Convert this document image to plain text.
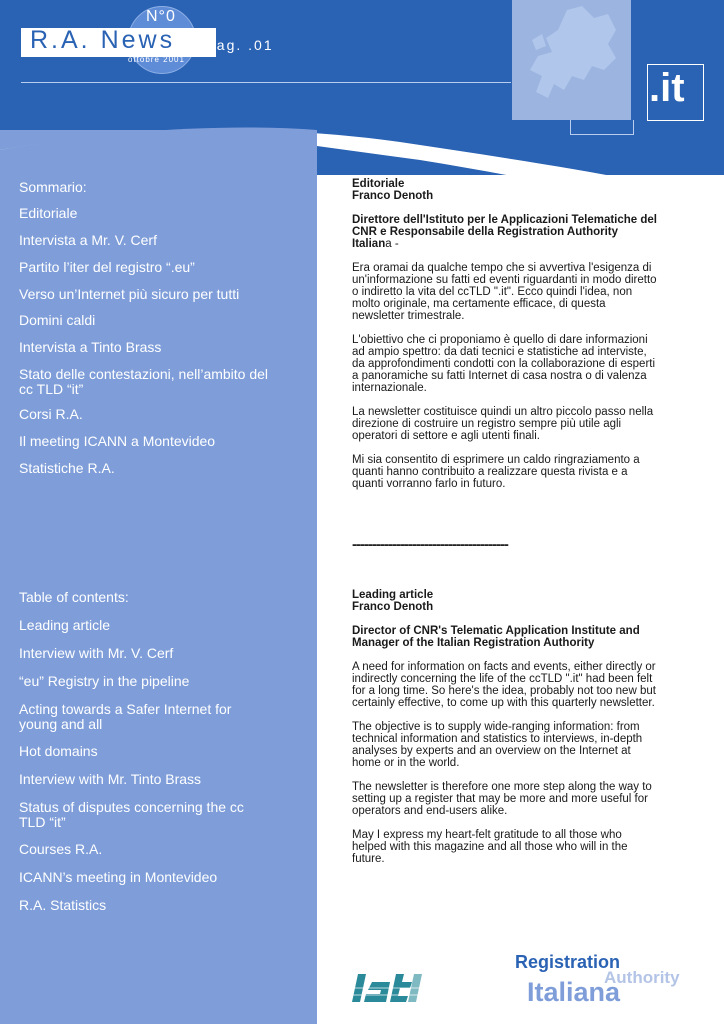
N°0
R.A. News pag. .01
ottobre 2001
.it
Sommario:
Editoriale
Intervista a Mr. V. Cerf
Partito l’iter del registro “.eu”
Verso un’Internet più sicuro per tutti
Domini caldi
Intervista a Tinto Brass
Stato delle contestazioni, nell’ambito del cc TLD “it”
Corsi R.A.
Il meeting ICANN a Montevideo
Statistiche R.A.
Table of contents:
Leading article
Interview with Mr. V. Cerf
“eu” Registry in the pipeline
Acting towards a Safer Internet for young and all
Hot domains
Interview with Mr. Tinto Brass
Status of disputes concerning the cc TLD “it”
Courses R.A.
ICANN’s meeting in Montevideo
R.A. Statistics
Editoriale
Franco Denoth

Direttore dell'Istituto per le Applicazioni Telematiche del CNR e Responsabile della Registration Authority Italiana -

Era oramai da qualche tempo che si avvertiva l'esigenza di un'informazione su fatti ed eventi riguardanti in modo diretto o indiretto la vita del ccTLD ".it". Ecco quindi l'idea, non molto originale, ma certamente efficace, di questa newsletter trimestrale.

L'obiettivo che ci proponiamo è quello di dare informazioni ad ampio spettro: da dati tecnici e statistiche ad interviste, da approfondimenti condotti con la collaborazione di esperti a panoramiche su fatti Internet di casa nostra o di valenza internazionale.

La newsletter costituisce quindi un altro piccolo passo nella direzione di costruire un registro sempre più utile agli operatori di settore e agli utenti finali.

Mi sia consentito di esprimere un caldo ringraziamento a quanti hanno contribuito a realizzare questa rivista e a quanti vorranno farlo in futuro.

---------------------------------------
Leading article
Franco Denoth

Director of CNR's Telematic Application Institute and Manager of the Italian Registration Authority

A need for information on facts and events, either directly or indirectly concerning the life of the ccTLD ".it" had been felt for a long time. So here's the idea, probably not too new but certainly effective, to come up with this quarterly newsletter.

The objective is to supply wide-ranging information: from technical information and statistics to interviews, in-depth analyses by experts and an overview on the Internet at home or in the world.

The newsletter is therefore one more step along the way to setting up a register that may be more and more useful for operators and end-users alike.

May I express my heart-felt gratitude to all those who helped with this magazine and all those who will in the future.

Registration
Authority
Italiana
